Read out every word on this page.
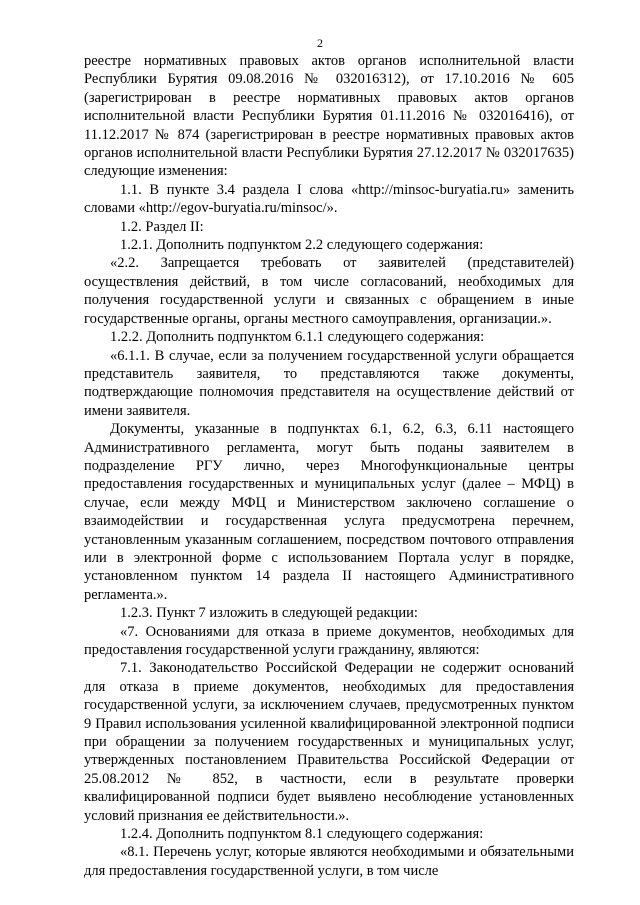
2

реестре нормативных правовых актов органов исполнительной власти Республики Бурятия 09.08.2016 № 032016312), от 17.10.2016 № 605 (зарегистрирован в реестре нормативных правовых актов органов исполнительной власти Республики Бурятия 01.11.2016 № 032016416), от 11.12.2017 № 874 (зарегистрирован в реестре нормативных правовых актов органов исполнительной власти Республики Бурятия 27.12.2017 № 032017635) следующие изменения:

1.1. В пункте 3.4 раздела I слова «http://minsoc-buryatia.ru» заменить словами «http://egov-buryatia.ru/minsoc/».

1.2. Раздел II:

1.2.1. Дополнить подпунктом 2.2 следующего содержания:

«2.2. Запрещается требовать от заявителей (представителей) осуществления действий, в том числе согласований, необходимых для получения государственной услуги и связанных с обращением в иные государственные органы, органы местного самоуправления, организации.».

1.2.2. Дополнить подпунктом 6.1.1 следующего содержания:

«6.1.1. В случае, если за получением государственной услуги обращается представитель заявителя, то представляются также документы, подтверждающие полномочия представителя на осуществление действий от имени заявителя.

Документы, указанные в подпунктах 6.1, 6.2, 6.3, 6.11 настоящего Административного регламента, могут быть поданы заявителем в подразделение РГУ лично, через Многофункциональные центры предоставления государственных и муниципальных услуг (далее – МФЦ) в случае, если между МФЦ и Министерством заключено соглашение о взаимодействии и государственная услуга предусмотрена перечнем, установленным указанным соглашением, посредством почтового отправления или в электронной форме с использованием Портала услуг в порядке, установленном пунктом 14 раздела II настоящего Административного регламента.».

1.2.3. Пункт 7 изложить в следующей редакции:

«7. Основаниями для отказа в приеме документов, необходимых для предоставления государственной услуги гражданину, являются:

7.1. Законодательство Российской Федерации не содержит оснований для отказа в приеме документов, необходимых для предоставления государственной услуги, за исключением случаев, предусмотренных пунктом 9 Правил использования усиленной квалифицированной электронной подписи при обращении за получением государственных и муниципальных услуг, утвержденных постановлением Правительства Российской Федерации от 25.08.2012 № 852, в частности, если в результате проверки квалифицированной подписи будет выявлено несоблюдение установленных условий признания ее действительности.».

1.2.4. Дополнить подпунктом 8.1 следующего содержания:

«8.1. Перечень услуг, которые являются необходимыми и обязательными для предоставления государственной услуги, в том числе
